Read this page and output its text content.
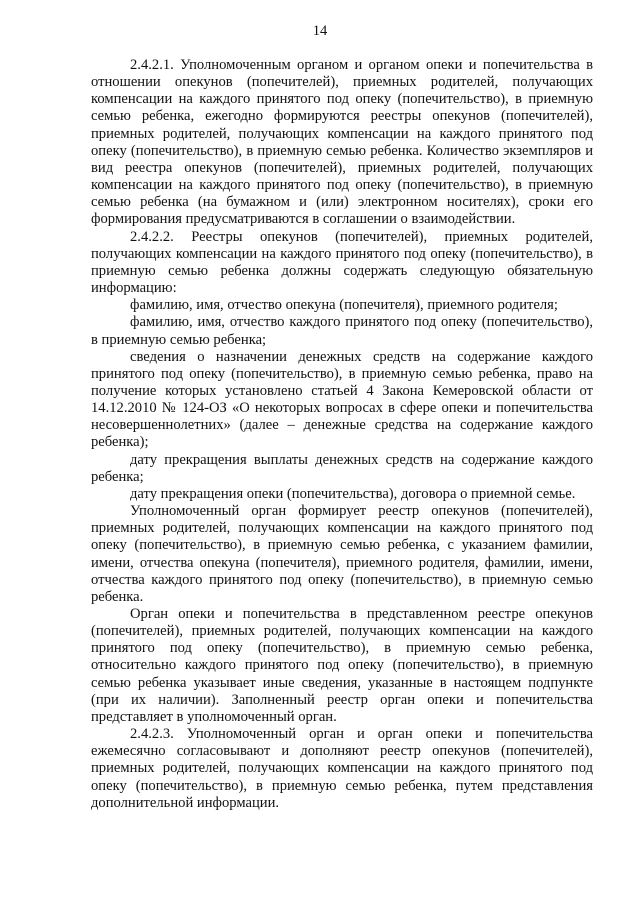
14

2.4.2.1. Уполномоченным органом и органом опеки и попечительства в отношении опекунов (попечителей), приемных родителей, получающих компенсации на каждого принятого под опеку (попечительство), в приемную семью ребенка, ежегодно формируются реестры опекунов (попечителей), приемных родителей, получающих компенсации на каждого принятого под опеку (попечительство), в приемную семью ребенка. Количество экземпляров и вид реестра опекунов (попечителей), приемных родителей, получающих компенсации на каждого принятого под опеку (попечительство), в приемную семью ребенка (на бумажном и (или) электронном носителях), сроки его формирования предусматриваются в соглашении о взаимодействии.

2.4.2.2. Реестры опекунов (попечителей), приемных родителей, получающих компенсации на каждого принятого под опеку (попечительство), в приемную семью ребенка должны содержать следующую обязательную информацию:

фамилию, имя, отчество опекуна (попечителя), приемного родителя;

фамилию, имя, отчество каждого принятого под опеку (попечительство), в приемную семью ребенка;

сведения о назначении денежных средств на содержание каждого принятого под опеку (попечительство), в приемную семью ребенка, право на получение которых установлено статьей 4 Закона Кемеровской области от 14.12.2010 № 124-ОЗ «О некоторых вопросах в сфере опеки и попечительства несовершеннолетних» (далее – денежные средства на содержание каждого ребенка);

дату прекращения выплаты денежных средств на содержание каждого ребенка;

дату прекращения опеки (попечительства), договора о приемной семье.

Уполномоченный орган формирует реестр опекунов (попечителей), приемных родителей, получающих компенсации на каждого принятого под опеку (попечительство), в приемную семью ребенка, с указанием фамилии, имени, отчества опекуна (попечителя), приемного родителя, фамилии, имени, отчества каждого принятого под опеку (попечительство), в приемную семью ребенка.

Орган опеки и попечительства в представленном реестре опекунов (попечителей), приемных родителей, получающих компенсации на каждого принятого под опеку (попечительство), в приемную семью ребенка, относительно каждого принятого под опеку (попечительство), в приемную семью ребенка указывает иные сведения, указанные в настоящем подпункте (при их наличии). Заполненный реестр орган опеки и попечительства представляет в уполномоченный орган.

2.4.2.3. Уполномоченный орган и орган опеки и попечительства ежемесячно согласовывают и дополняют реестр опекунов (попечителей), приемных родителей, получающих компенсации на каждого принятого под опеку (попечительство), в приемную семью ребенка, путем представления дополнительной информации.
